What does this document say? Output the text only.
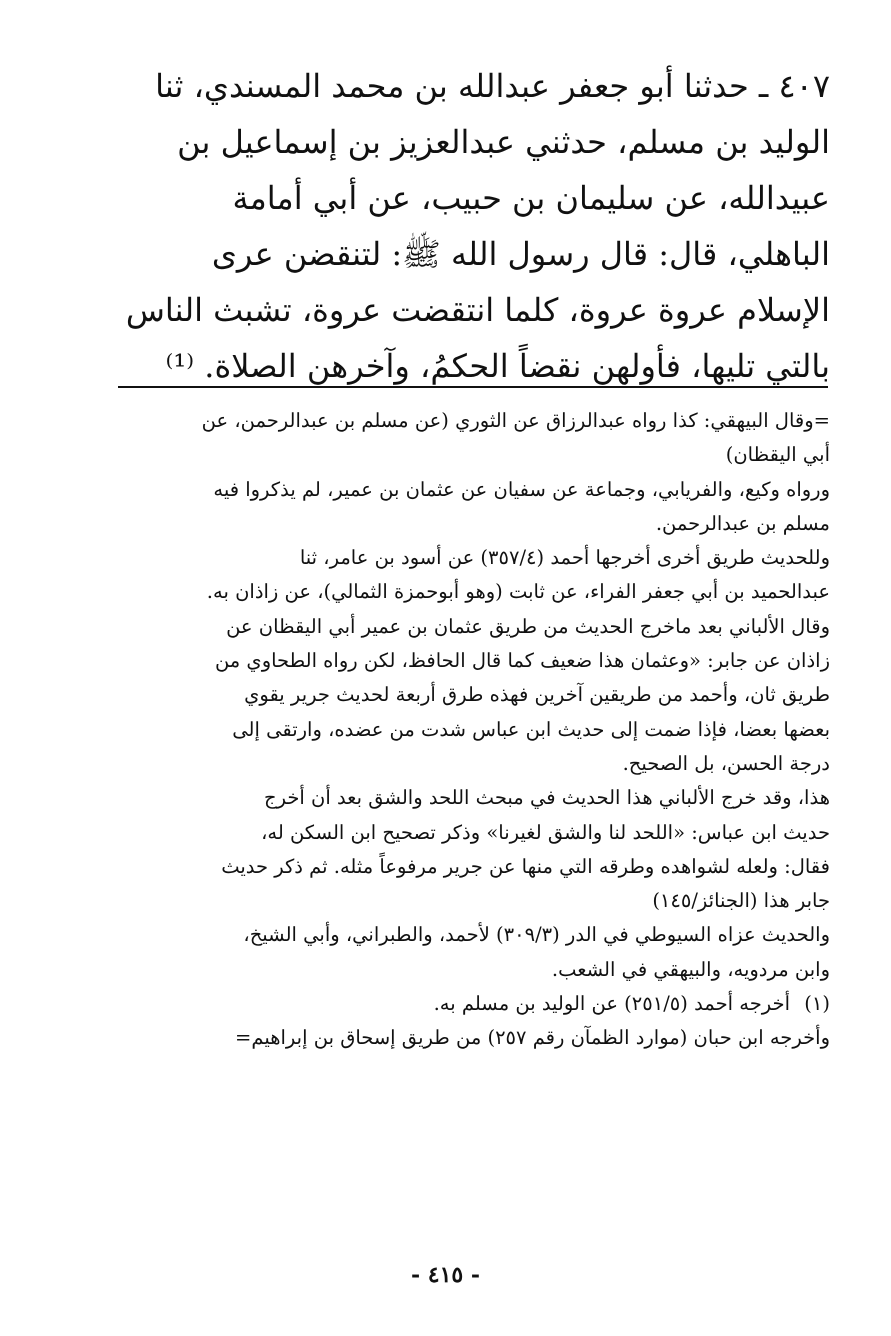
٤٠٧ ـ حدثنا أبو جعفر عبدالله بن محمد المسندي، ثنا
الوليد بن مسلم، حدثني عبدالعزيز بن إسماعيل بن
عبيدالله، عن سليمان بن حبيب، عن أبي أمامة
الباهلي، قال: قال رسول الله ﷺ: لتنقضن عرى
الإسلام عروة عروة، كلما انتقضت عروة، تشبث الناس
بالتي تليها، فأولهن نقضاً الحكمُ، وآخرهن الصلاة. ⁽¹⁾
=وقال البيهقي: كذا رواه عبدالرزاق عن الثوري (عن مسلم بن عبدالرحمن، عن
أبي اليقظان)
ورواه وكيع، والفريابي، وجماعة عن سفيان عن عثمان بن عمير، لم يذكروا فيه
مسلم بن عبدالرحمن.
وللحديث طريق أخرى أخرجها أحمد (٣٥٧/٤) عن أسود بن عامر، ثنا
عبدالحميد بن أبي جعفر الفراء، عن ثابت (وهو أبوحمزة الثمالي)، عن زاذان به.
وقال الألباني بعد ماخرج الحديث من طريق عثمان بن عمير أبي اليقظان عن
زاذان عن جابر: «وعثمان هذا ضعيف كما قال الحافظ، لكن رواه الطحاوي من
طريق ثان، وأحمد من طريقين آخرين فهذه طرق أربعة لحديث جرير يقوي
بعضها بعضا، فإذا ضمت إلى حديث ابن عباس شدت من عضده، وارتقى إلى
درجة الحسن، بل الصحيح.
هذا، وقد خرج الألباني هذا الحديث في مبحث اللحد والشق بعد أن أخرج
حديث ابن عباس: «اللحد لنا والشق لغيرنا» وذكر تصحيح ابن السكن له،
فقال: ولعله لشواهده وطرقه التي منها عن جرير مرفوعاً مثله. ثم ذكر حديث
جابر هذا (الجنائز/١٤٥)
والحديث عزاه السيوطي في الدر (٣٠٩/٣) لأحمد، والطبراني، وأبي الشيخ،
وابن مردويه، والبيهقي في الشعب.
(١)أخرجه أحمد (٢٥١/٥) عن الوليد بن مسلم به.
وأخرجه ابن حبان (موارد الظمآن رقم ٢٥٧) من طريق إسحاق بن إبراهيم=
- ٤١٥ -
